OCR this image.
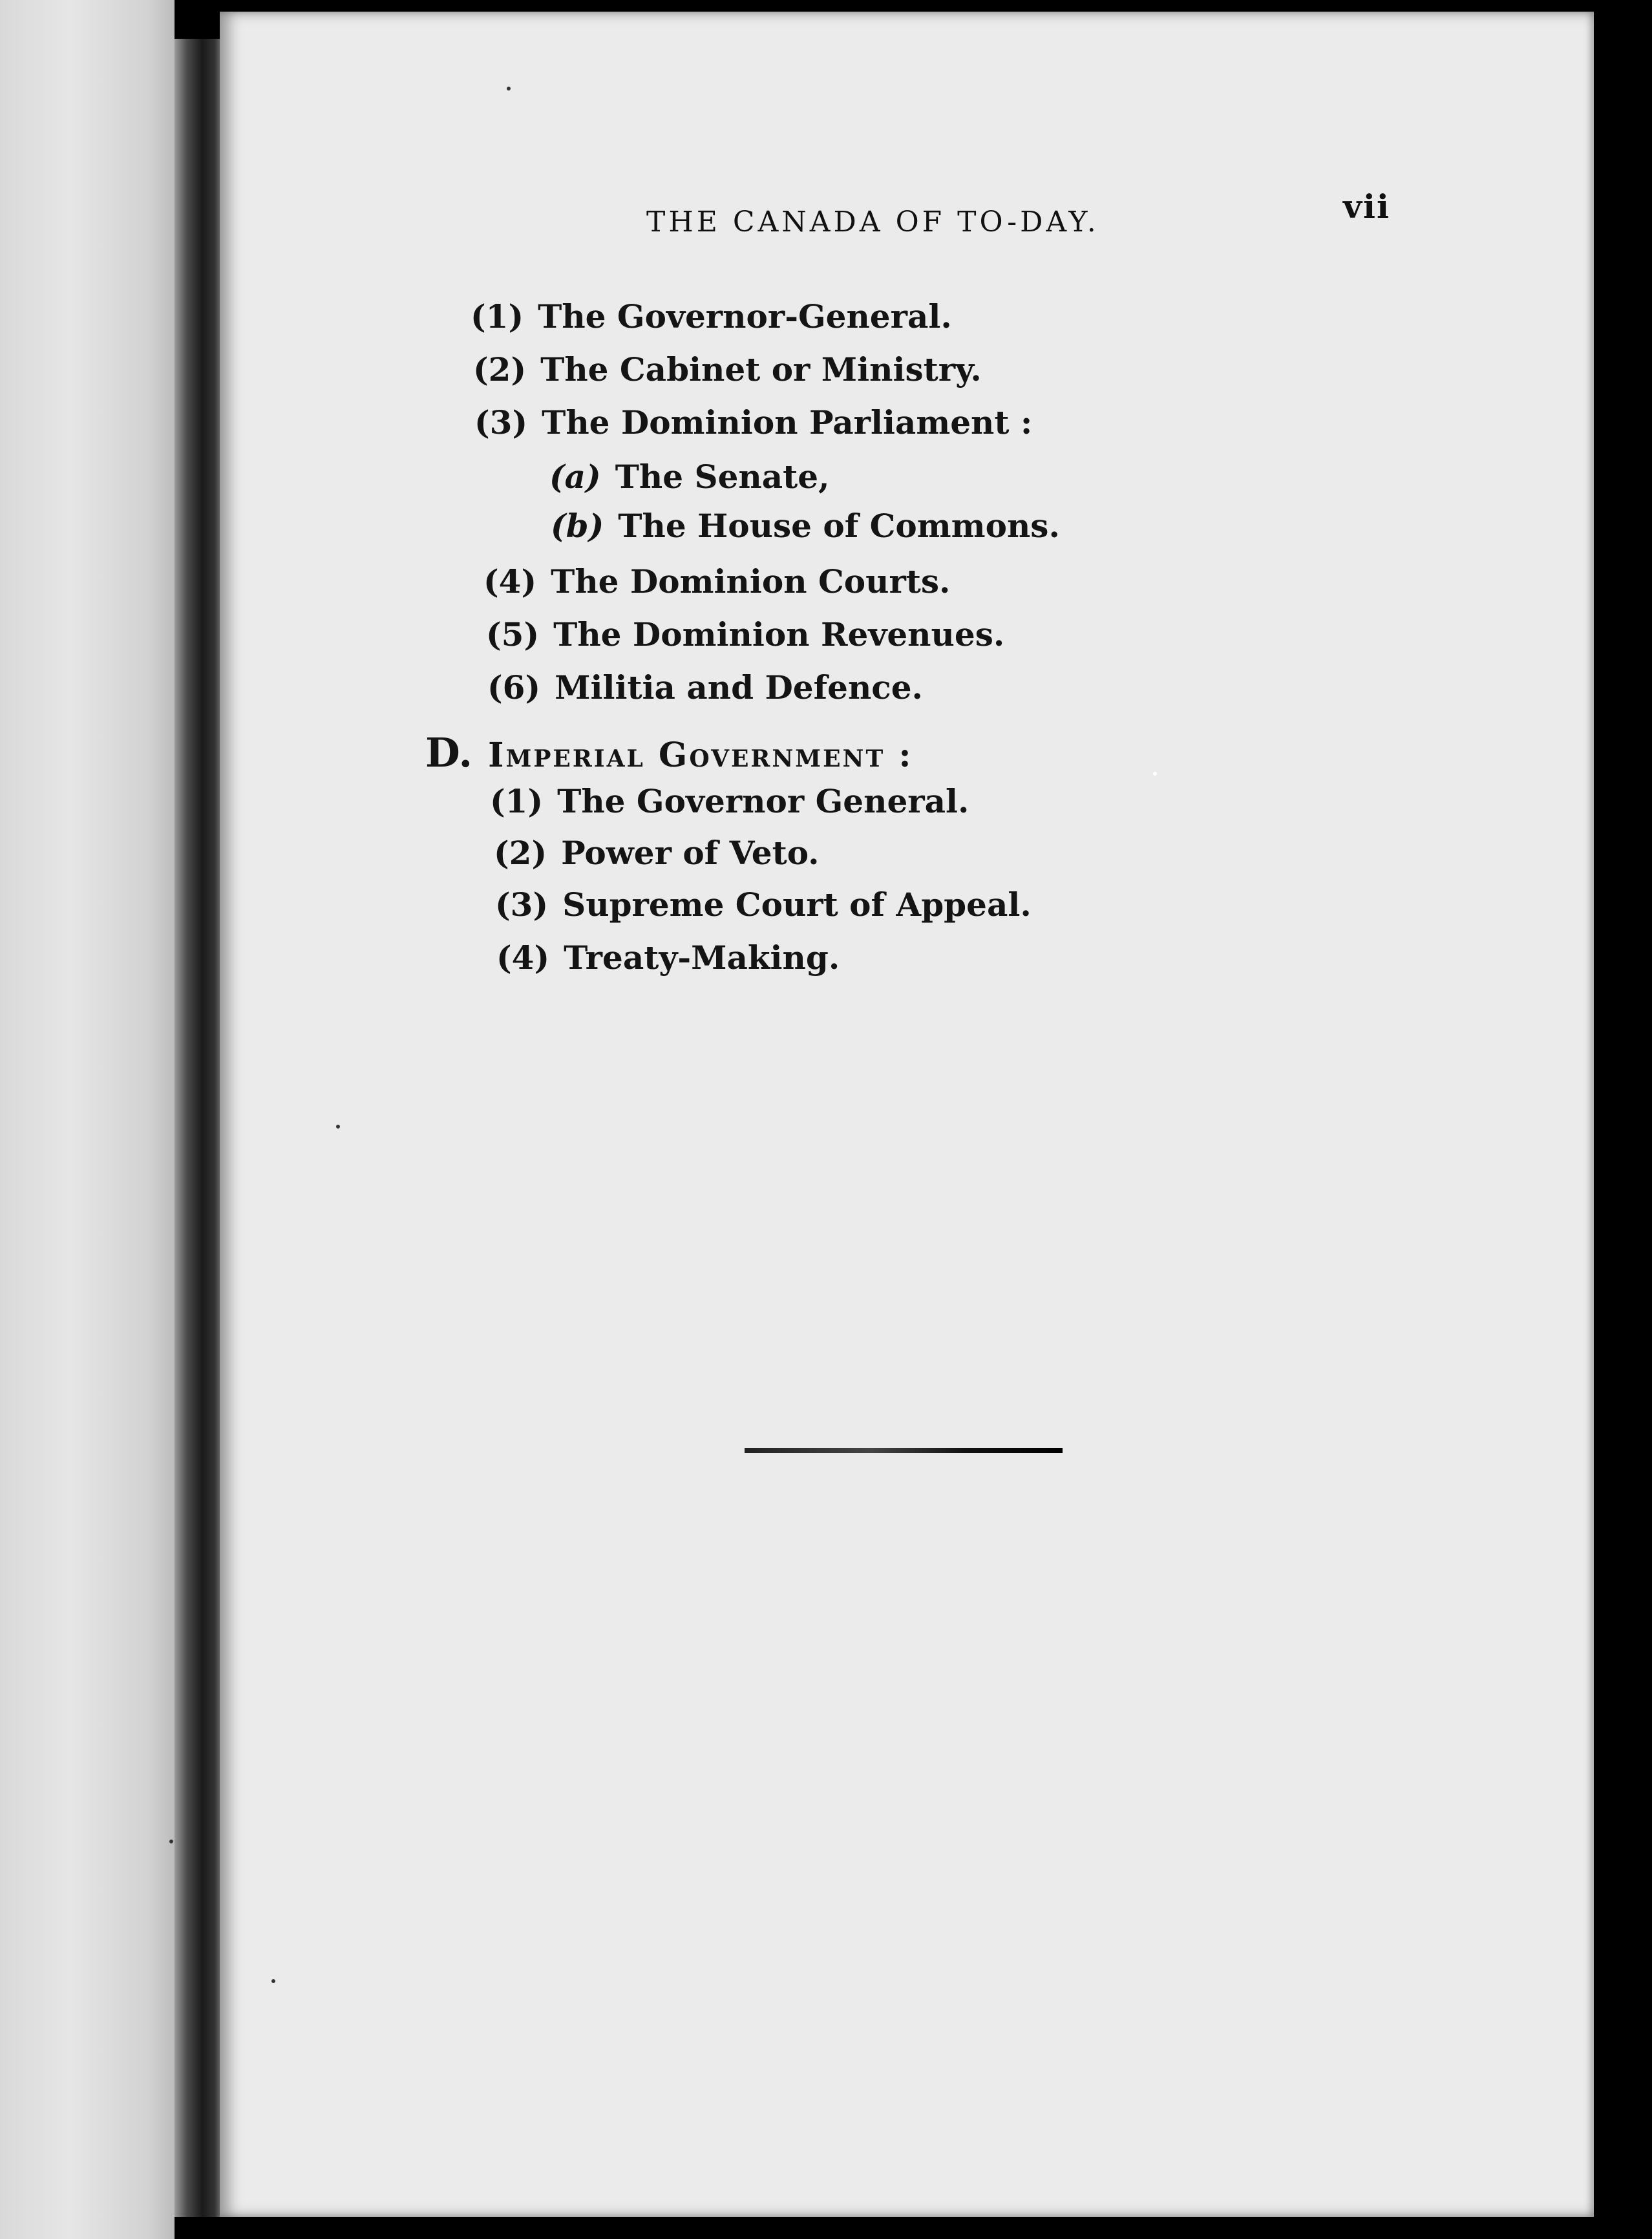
THE CANADA OF TO-DAY.	vii
(1) The Governor-General.
(2) The Cabinet or Ministry.
(3) The Dominion Parliament :
(a) The Senate,
(b) The House of Commons.
(4) The Dominion Courts.
(5) The Dominion Revenues.
(6) Militia and Defence.
D. Imperial Government :
(1) The Governor General.
(2) Power of Veto.
(3) Supreme Court of Appeal.
(4) Treaty-Making.
